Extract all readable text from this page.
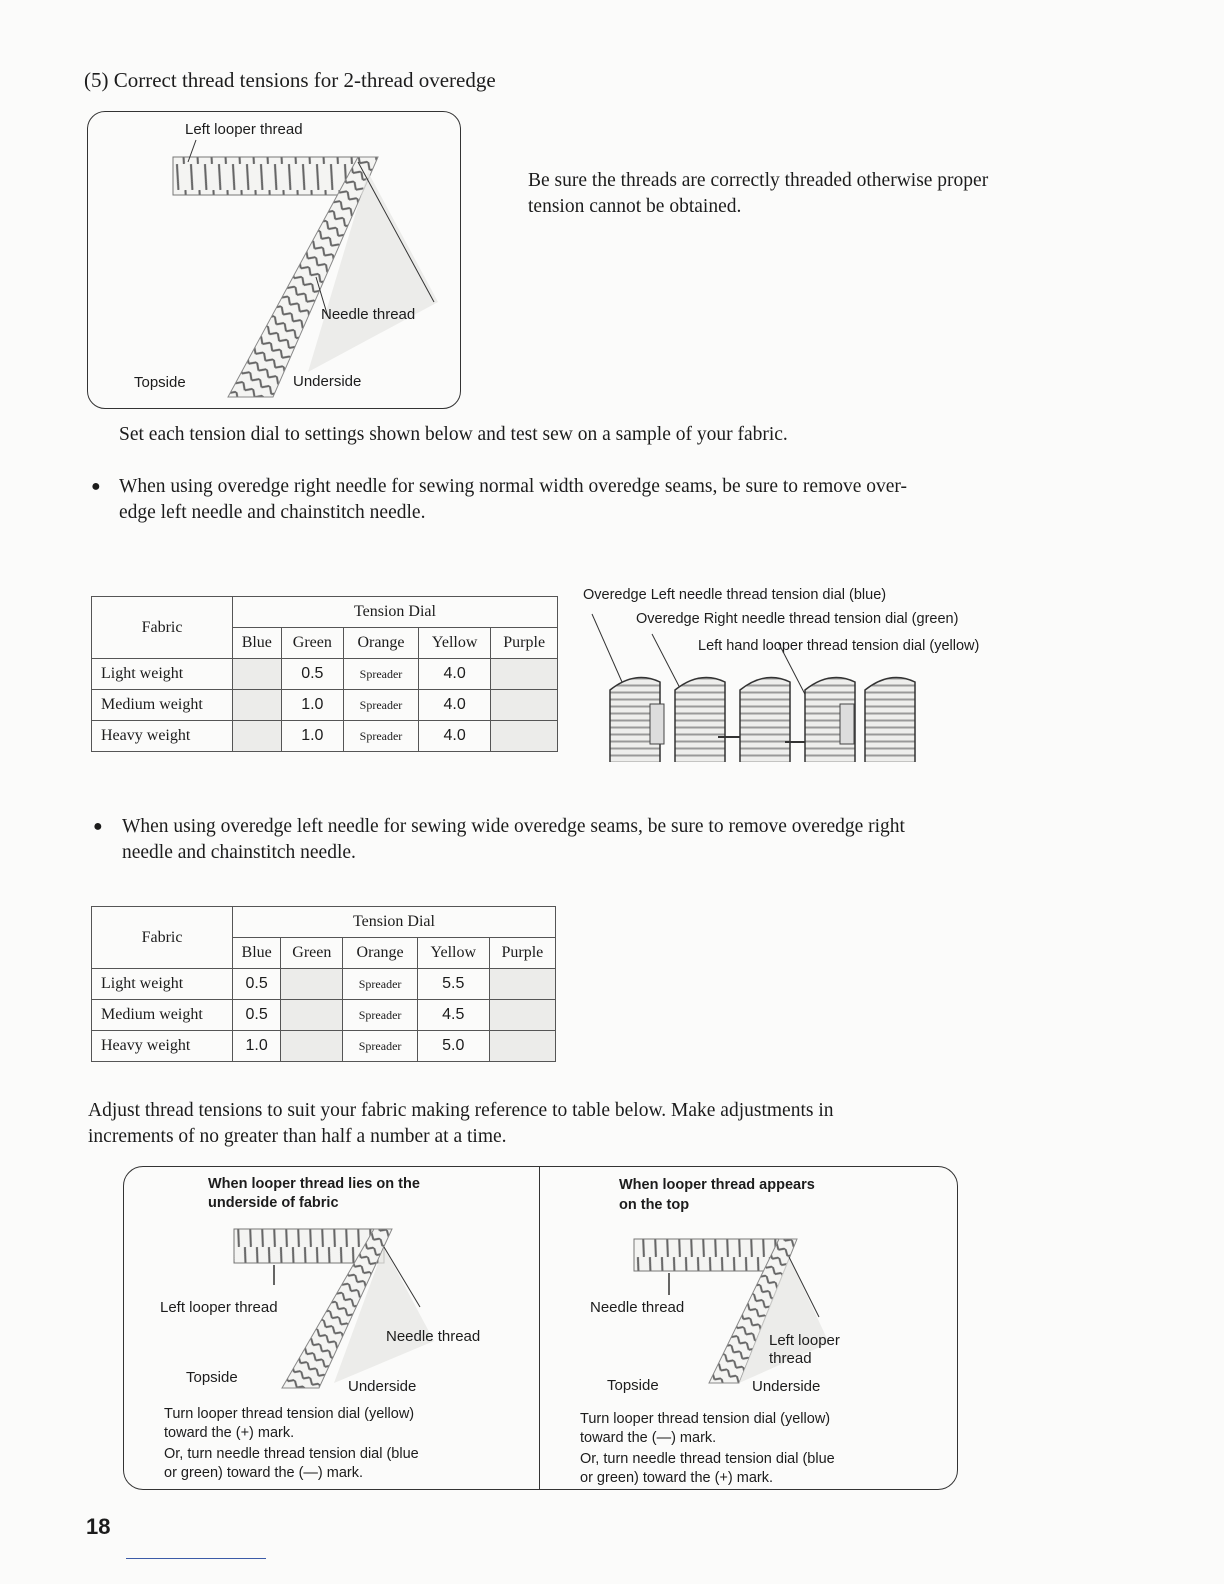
(5) Correct thread tensions for 2-thread overedge
Left looper thread
Needle thread
Topside	Underside
Be sure the threads are correctly threaded otherwise proper tension cannot be obtained.
Set each tension dial to settings shown below and test sew on a sample of your fabric.
● When using overedge right needle for sewing normal width overedge seams, be sure to remove over-
edge left needle and chainstitch needle.
Fabric	Tension Dial				
	Blue	Green	Orange	Yellow	Purple
Light weight		0.5	Spreader	4.0	
Medium weight		1.0	Spreader	4.0	
Heavy weight		1.0	Spreader	4.0	
Overedge Left needle thread tension dial (blue)
Overedge Right needle thread tension dial (green)
Left hand looper thread tension dial (yellow)
● When using overedge left needle for sewing wide overedge seams, be sure to remove overedge right
needle and chainstitch needle.
Fabric	Tension Dial				
	Blue	Green	Orange	Yellow	Purple
Light weight	0.5		Spreader	5.5	
Medium weight	0.5		Spreader	4.5	
Heavy weight	1.0		Spreader	5.0	
Adjust thread tensions to suit your fabric making reference to table below. Make adjustments in
increments of no greater than half a number at a time.
When looper thread lies on the
underside of fabric
Left looper thread
Needle thread
Topside
Underside
Turn looper thread tension dial (yellow)
toward the (+) mark.
Or, turn needle thread tension dial (blue
or green) toward the (—) mark.
When looper thread appears
on the top
Needle thread
Left looper
thread
Topside	Underside
Turn looper thread tension dial (yellow)
toward the (—) mark.
Or, turn needle thread tension dial (blue
or green) toward the (+) mark.
18
